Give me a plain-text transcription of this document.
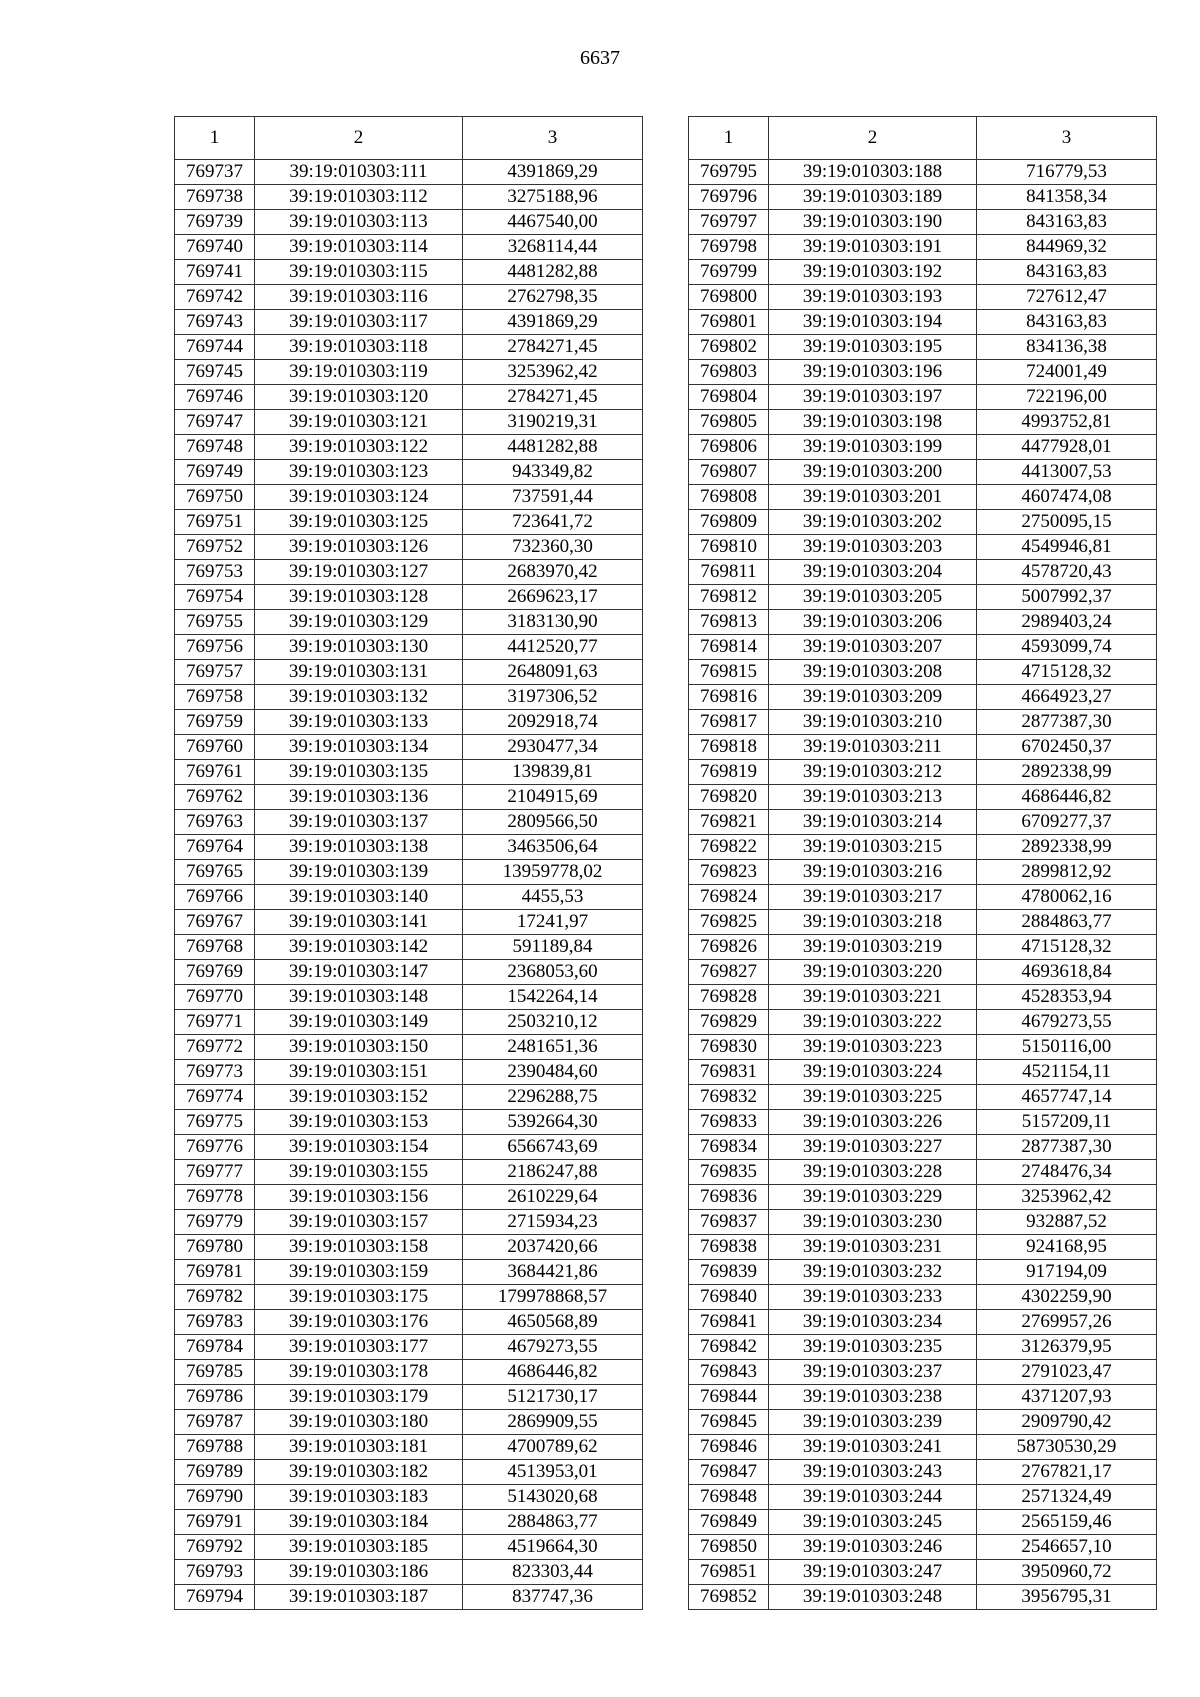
6637
1	2	3
769737	39:19:010303:111	4391869,29
769738	39:19:010303:112	3275188,96
769739	39:19:010303:113	4467540,00
769740	39:19:010303:114	3268114,44
769741	39:19:010303:115	4481282,88
769742	39:19:010303:116	2762798,35
769743	39:19:010303:117	4391869,29
769744	39:19:010303:118	2784271,45
769745	39:19:010303:119	3253962,42
769746	39:19:010303:120	2784271,45
769747	39:19:010303:121	3190219,31
769748	39:19:010303:122	4481282,88
769749	39:19:010303:123	943349,82
769750	39:19:010303:124	737591,44
769751	39:19:010303:125	723641,72
769752	39:19:010303:126	732360,30
769753	39:19:010303:127	2683970,42
769754	39:19:010303:128	2669623,17
769755	39:19:010303:129	3183130,90
769756	39:19:010303:130	4412520,77
769757	39:19:010303:131	2648091,63
769758	39:19:010303:132	3197306,52
769759	39:19:010303:133	2092918,74
769760	39:19:010303:134	2930477,34
769761	39:19:010303:135	139839,81
769762	39:19:010303:136	2104915,69
769763	39:19:010303:137	2809566,50
769764	39:19:010303:138	3463506,64
769765	39:19:010303:139	13959778,02
769766	39:19:010303:140	4455,53
769767	39:19:010303:141	17241,97
769768	39:19:010303:142	591189,84
769769	39:19:010303:147	2368053,60
769770	39:19:010303:148	1542264,14
769771	39:19:010303:149	2503210,12
769772	39:19:010303:150	2481651,36
769773	39:19:010303:151	2390484,60
769774	39:19:010303:152	2296288,75
769775	39:19:010303:153	5392664,30
769776	39:19:010303:154	6566743,69
769777	39:19:010303:155	2186247,88
769778	39:19:010303:156	2610229,64
769779	39:19:010303:157	2715934,23
769780	39:19:010303:158	2037420,66
769781	39:19:010303:159	3684421,86
769782	39:19:010303:175	179978868,57
769783	39:19:010303:176	4650568,89
769784	39:19:010303:177	4679273,55
769785	39:19:010303:178	4686446,82
769786	39:19:010303:179	5121730,17
769787	39:19:010303:180	2869909,55
769788	39:19:010303:181	4700789,62
769789	39:19:010303:182	4513953,01
769790	39:19:010303:183	5143020,68
769791	39:19:010303:184	2884863,77
769792	39:19:010303:185	4519664,30
769793	39:19:010303:186	823303,44
769794	39:19:010303:187	837747,36
1	2	3
769795	39:19:010303:188	716779,53
769796	39:19:010303:189	841358,34
769797	39:19:010303:190	843163,83
769798	39:19:010303:191	844969,32
769799	39:19:010303:192	843163,83
769800	39:19:010303:193	727612,47
769801	39:19:010303:194	843163,83
769802	39:19:010303:195	834136,38
769803	39:19:010303:196	724001,49
769804	39:19:010303:197	722196,00
769805	39:19:010303:198	4993752,81
769806	39:19:010303:199	4477928,01
769807	39:19:010303:200	4413007,53
769808	39:19:010303:201	4607474,08
769809	39:19:010303:202	2750095,15
769810	39:19:010303:203	4549946,81
769811	39:19:010303:204	4578720,43
769812	39:19:010303:205	5007992,37
769813	39:19:010303:206	2989403,24
769814	39:19:010303:207	4593099,74
769815	39:19:010303:208	4715128,32
769816	39:19:010303:209	4664923,27
769817	39:19:010303:210	2877387,30
769818	39:19:010303:211	6702450,37
769819	39:19:010303:212	2892338,99
769820	39:19:010303:213	4686446,82
769821	39:19:010303:214	6709277,37
769822	39:19:010303:215	2892338,99
769823	39:19:010303:216	2899812,92
769824	39:19:010303:217	4780062,16
769825	39:19:010303:218	2884863,77
769826	39:19:010303:219	4715128,32
769827	39:19:010303:220	4693618,84
769828	39:19:010303:221	4528353,94
769829	39:19:010303:222	4679273,55
769830	39:19:010303:223	5150116,00
769831	39:19:010303:224	4521154,11
769832	39:19:010303:225	4657747,14
769833	39:19:010303:226	5157209,11
769834	39:19:010303:227	2877387,30
769835	39:19:010303:228	2748476,34
769836	39:19:010303:229	3253962,42
769837	39:19:010303:230	932887,52
769838	39:19:010303:231	924168,95
769839	39:19:010303:232	917194,09
769840	39:19:010303:233	4302259,90
769841	39:19:010303:234	2769957,26
769842	39:19:010303:235	3126379,95
769843	39:19:010303:237	2791023,47
769844	39:19:010303:238	4371207,93
769845	39:19:010303:239	2909790,42
769846	39:19:010303:241	58730530,29
769847	39:19:010303:243	2767821,17
769848	39:19:010303:244	2571324,49
769849	39:19:010303:245	2565159,46
769850	39:19:010303:246	2546657,10
769851	39:19:010303:247	3950960,72
769852	39:19:010303:248	3956795,31
